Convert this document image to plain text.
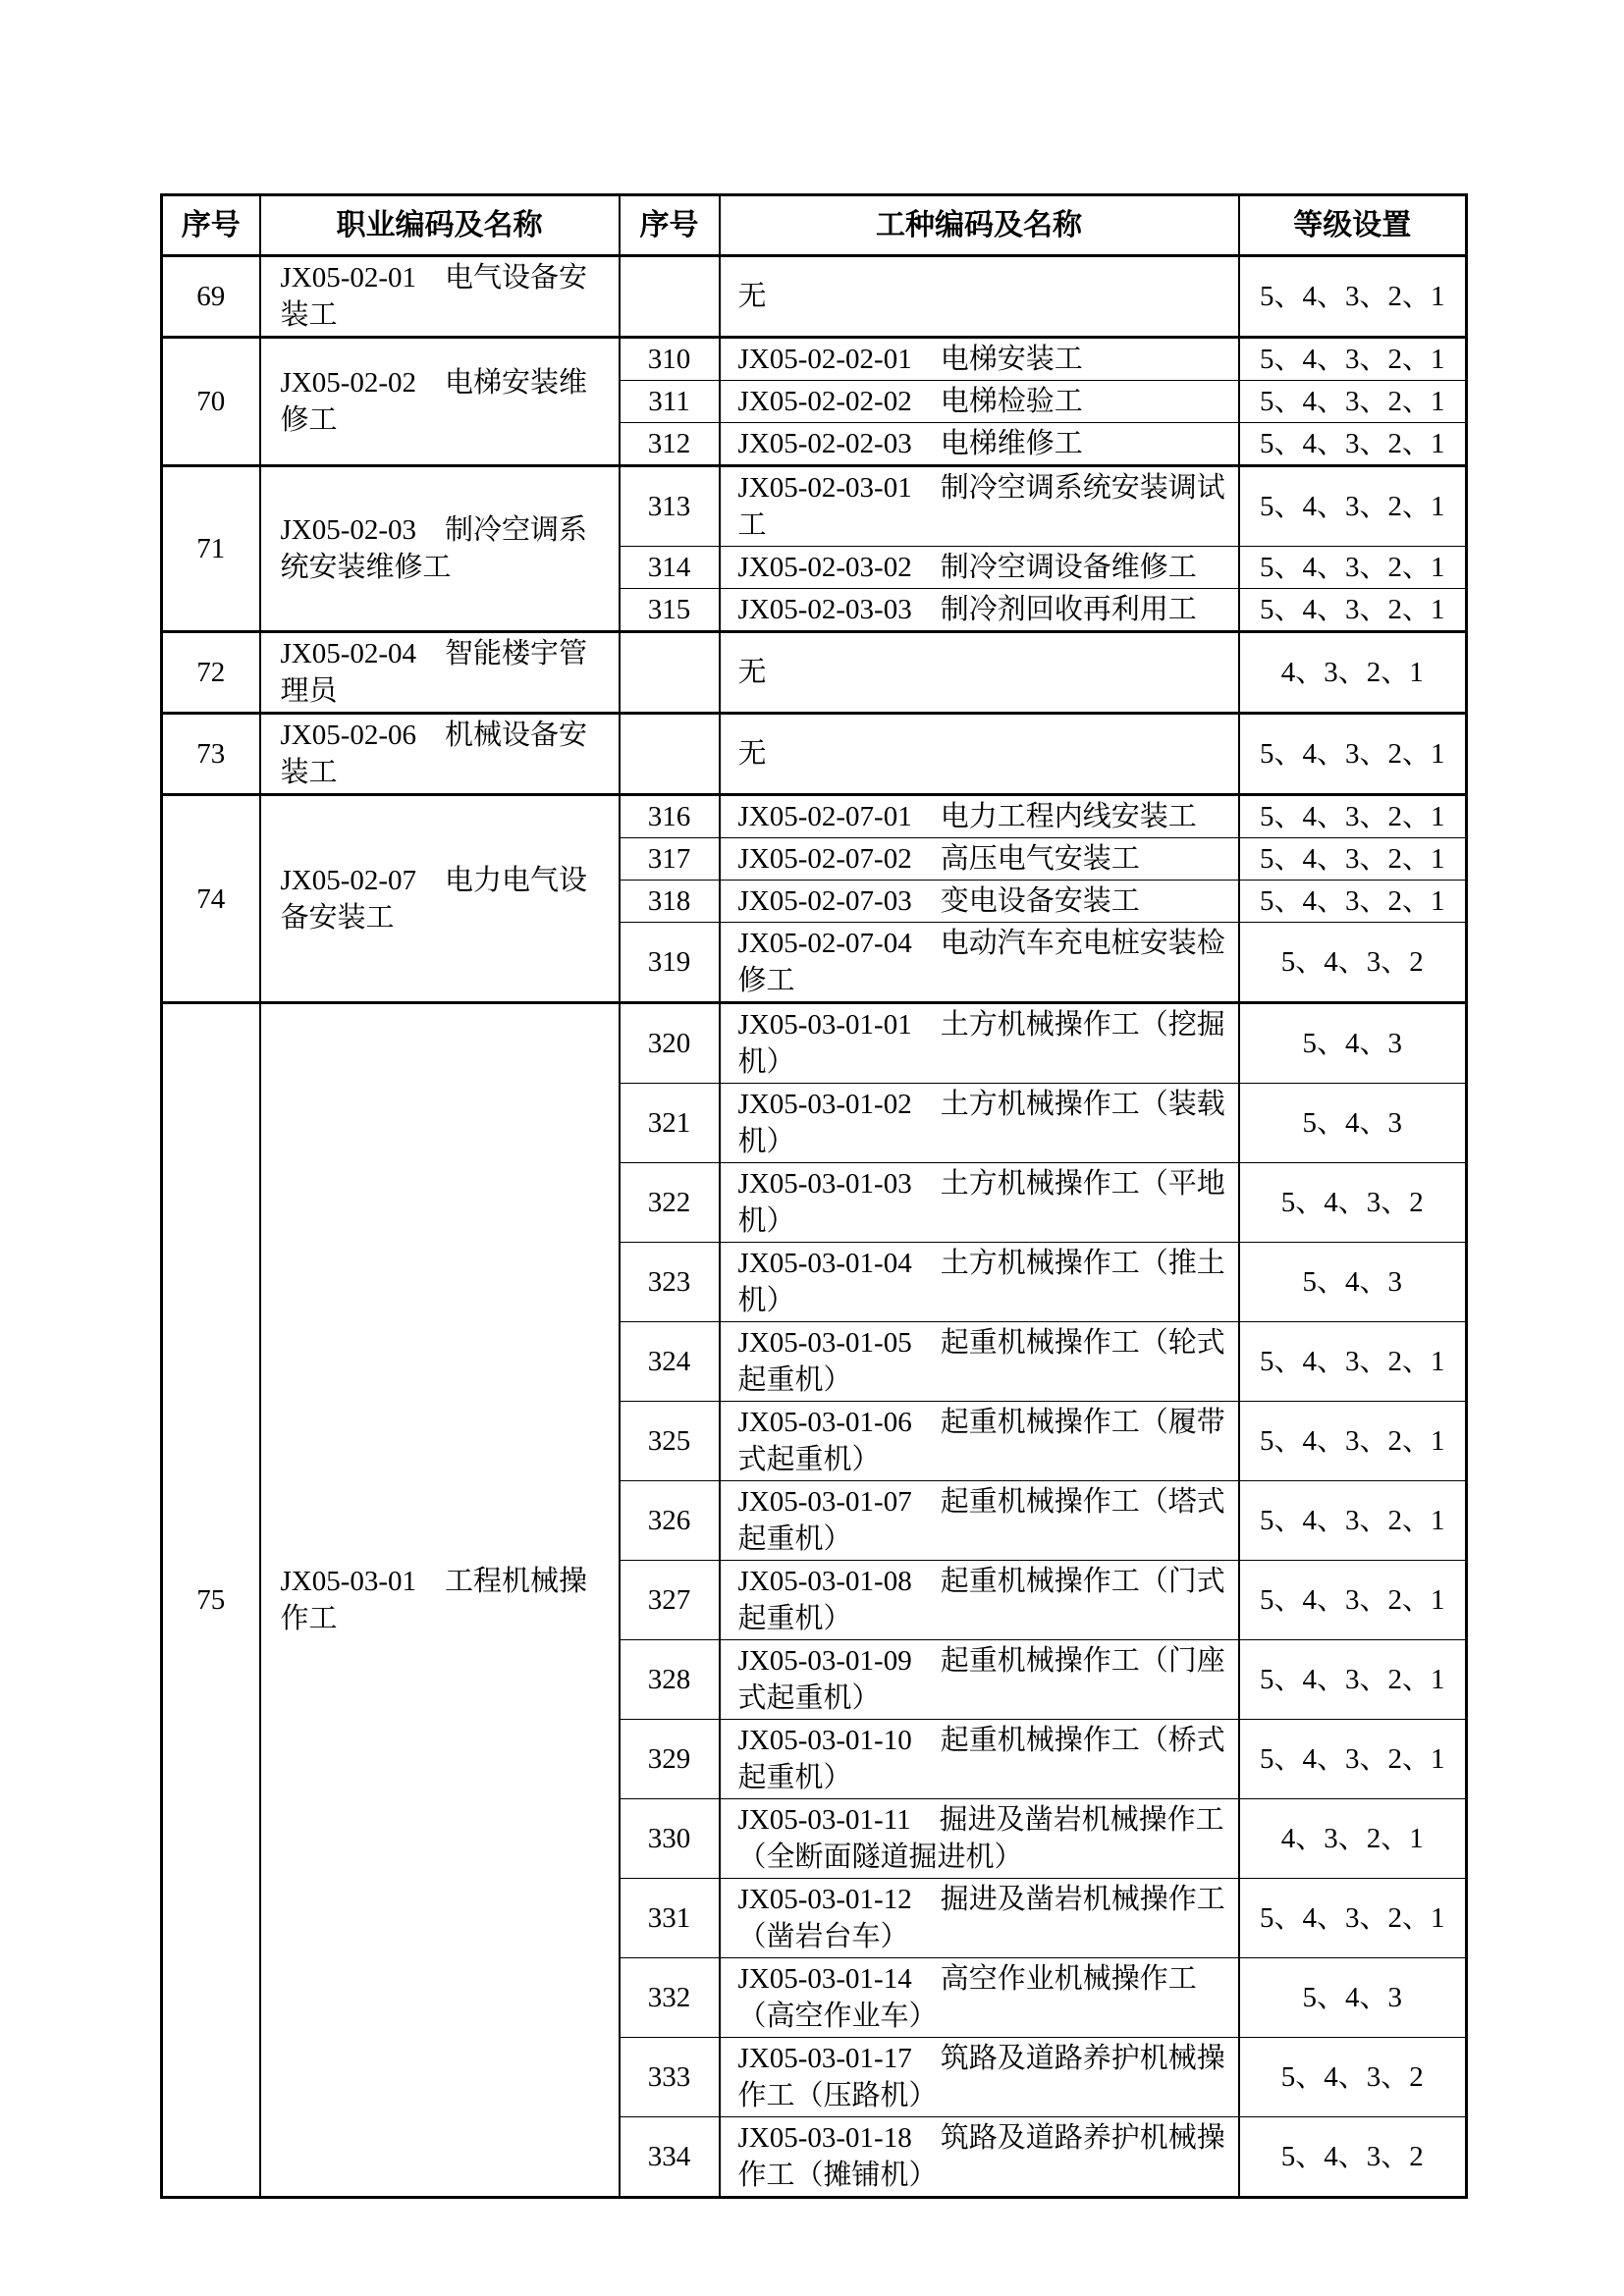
序号	职业编码及名称	序号	工种编码及名称	等级设置
69	JX05-02-01　电气设备安装工		无	5、4、3、2、1
70	JX05-02-02　电梯安装维修工	310	JX05-02-02-01　电梯安装工	5、4、3、2、1
		311	JX05-02-02-02　电梯检验工	5、4、3、2、1
		312	JX05-02-02-03　电梯维修工	5、4、3、2、1
71	JX05-02-03　制冷空调系统安装维修工	313	JX05-02-03-01　制冷空调系统安装调试工	5、4、3、2、1
		314	JX05-02-03-02　制冷空调设备维修工	5、4、3、2、1
		315	JX05-02-03-03　制冷剂回收再利用工	5、4、3、2、1
72	JX05-02-04　智能楼宇管理员		无	4、3、2、1
73	JX05-02-06　机械设备安装工		无	5、4、3、2、1
74	JX05-02-07　电力电气设备安装工	316	JX05-02-07-01　电力工程内线安装工	5、4、3、2、1
		317	JX05-02-07-02　高压电气安装工	5、4、3、2、1
		318	JX05-02-07-03　变电设备安装工	5、4、3、2、1
		319	JX05-02-07-04　电动汽车充电桩安装检修工	5、4、3、2
75	JX05-03-01　工程机械操作工	320	JX05-03-01-01　土方机械操作工（挖掘机）	5、4、3
		321	JX05-03-01-02　土方机械操作工（装载机）	5、4、3
		322	JX05-03-01-03　土方机械操作工（平地机）	5、4、3、2
		323	JX05-03-01-04　土方机械操作工（推土机）	5、4、3
		324	JX05-03-01-05　起重机械操作工（轮式起重机）	5、4、3、2、1
		325	JX05-03-01-06　起重机械操作工（履带式起重机）	5、4、3、2、1
		326	JX05-03-01-07　起重机械操作工（塔式起重机）	5、4、3、2、1
		327	JX05-03-01-08　起重机械操作工（门式起重机）	5、4、3、2、1
		328	JX05-03-01-09　起重机械操作工（门座式起重机）	5、4、3、2、1
		329	JX05-03-01-10　起重机械操作工（桥式起重机）	5、4、3、2、1
		330	JX05-03-01-11　掘进及凿岩机械操作工（全断面隧道掘进机）	4、3、2、1
		331	JX05-03-01-12　掘进及凿岩机械操作工（凿岩台车）	5、4、3、2、1
		332	JX05-03-01-14　高空作业机械操作工（高空作业车）	5、4、3
		333	JX05-03-01-17　筑路及道路养护机械操作工（压路机）	5、4、3、2
		334	JX05-03-01-18　筑路及道路养护机械操作工（摊铺机）	5、4、3、2
